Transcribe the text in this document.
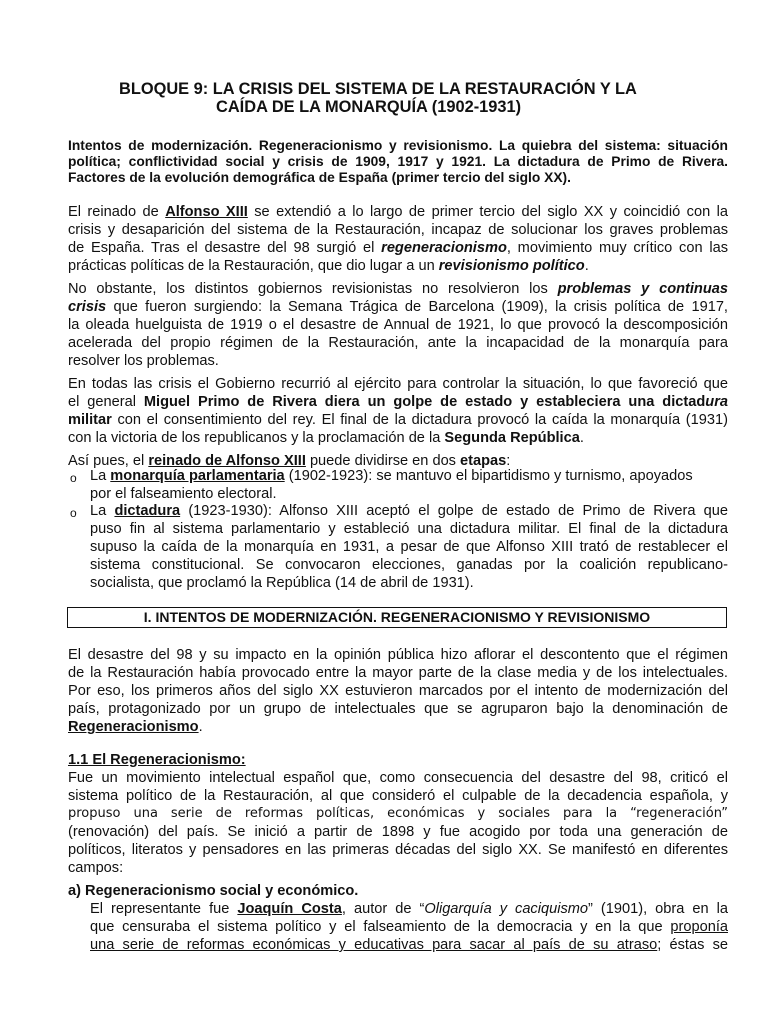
BLOQUE 9: LA CRISIS DEL SISTEMA DE LA RESTAURACIÓN Y LA
CAÍDA DE LA MONARQUÍA (1902-1931)
Intentos de modernización. Regeneracionismo y revisionismo. La quiebra del sistema: situación
política; conflictividad social y crisis de 1909, 1917 y 1921. La dictadura de Primo de Rivera.
Factores de la evolución demográfica de España (primer tercio del siglo XX).
El reinado de Alfonso XIII se extendió a lo largo de primer tercio del siglo XX y coincidió con la
crisis y desaparición del sistema de la Restauración, incapaz de solucionar los graves problemas
de España. Tras el desastre del 98 surgió el regeneracionismo, movimiento muy crítico con las
prácticas políticas de la Restauración, que dio lugar a un revisionismo político.
No obstante, los distintos gobiernos revisionistas no resolvieron los problemas y continuas
crisis que fueron surgiendo: la Semana Trágica de Barcelona (1909), la crisis política de 1917,
la oleada huelguista de 1919 o el desastre de Annual de 1921, lo que provocó la descomposición
acelerada del propio régimen de la Restauración, ante la incapacidad de la monarquía para
resolver los problemas.
En todas las crisis el Gobierno recurrió al ejército para controlar la situación, lo que favoreció que
el general Miguel Primo de Rivera diera un golpe de estado y estableciera una dictadura
militar con el consentimiento del rey. El final de la dictadura provocó la caída la monarquía (1931)
con la victoria de los republicanos y la proclamación de la Segunda República.
Así pues, el reinado de Alfonso XIII puede dividirse en dos etapas:
o La monarquía parlamentaria (1902-1923): se mantuvo el bipartidismo y turnismo, apoyados
por el falseamiento electoral.
o La dictadura (1923-1930): Alfonso XIII aceptó el golpe de estado de Primo de Rivera que
puso fin al sistema parlamentario y estableció una dictadura militar. El final de la dictadura
supuso la caída de la monarquía en 1931, a pesar de que Alfonso XIII trató de restablecer el
sistema constitucional. Se convocaron elecciones, ganadas por la coalición republicano-
socialista, que proclamó la República (14 de abril de 1931).
I. INTENTOS DE MODERNIZACIÓN. REGENERACIONISMO Y REVISIONISMO
El desastre del 98 y su impacto en la opinión pública hizo aflorar el descontento que el régimen
de la Restauración había provocado entre la mayor parte de la clase media y de los intelectuales.
Por eso, los primeros años del siglo XX estuvieron marcados por el intento de modernización del
país, protagonizado por un grupo de intelectuales que se agruparon bajo la denominación de
Regeneracionismo.
1.1 El Regeneracionismo:
Fue un movimiento intelectual español que, como consecuencia del desastre del 98, criticó el
sistema político de la Restauración, al que consideró el culpable de la decadencia española, y
propuso una serie de reformas políticas, económicas y sociales para la “regeneración”
(renovación) del país. Se inició a partir de 1898 y fue acogido por toda una generación de
políticos, literatos y pensadores en las primeras décadas del siglo XX. Se manifestó en diferentes
campos:
a) Regeneracionismo social y económico.
El representante fue Joaquín Costa, autor de “Oligarquía y caciquismo” (1901), obra en la
que censuraba el sistema político y el falseamiento de la democracia y en la que proponía
una serie de reformas económicas y educativas para sacar al país de su atraso; éstas se
